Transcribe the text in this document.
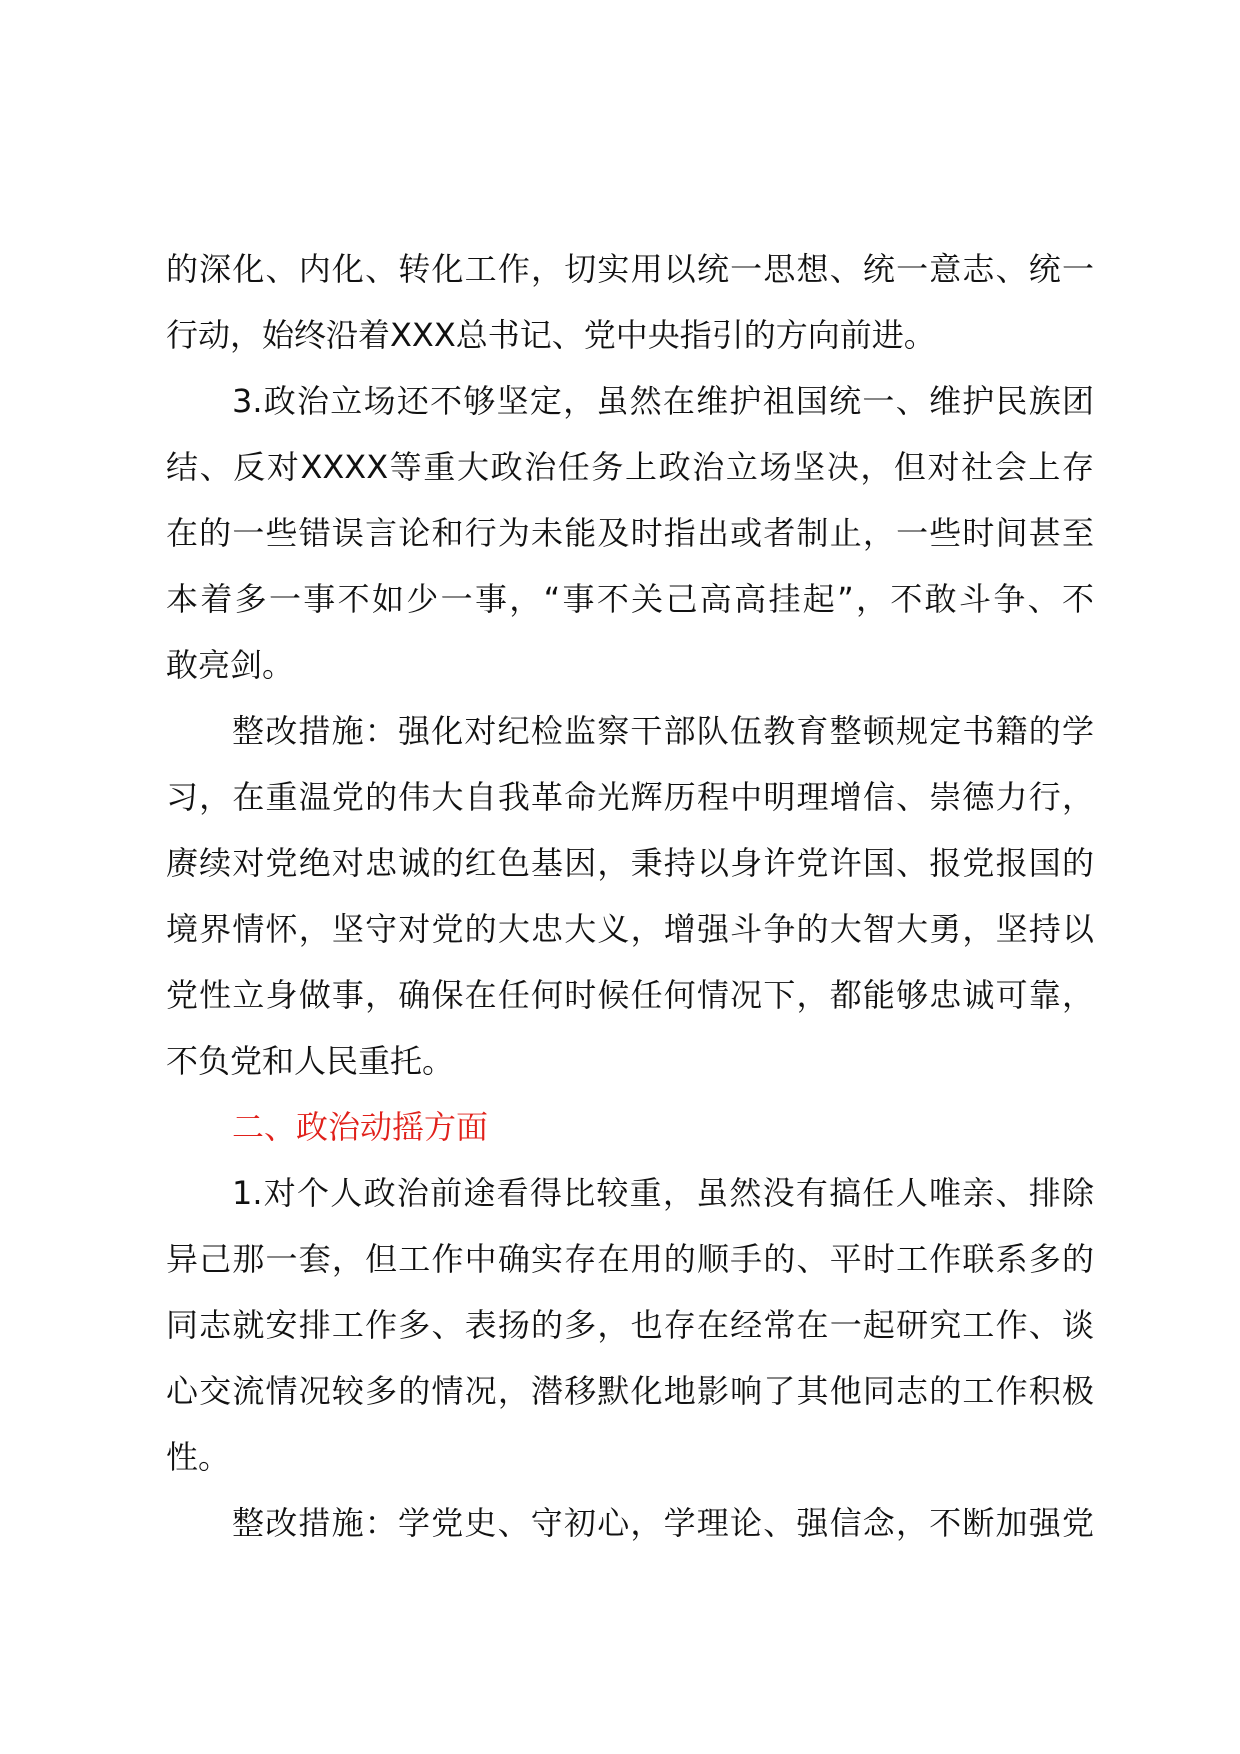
的深化、内化、转化工作，切实用以统一思想、统一意志、统一
行动，始终沿着XXX总书记、党中央指引的方向前进。
3.政治立场还不够坚定，虽然在维护祖国统一、维护民族团
结、反对XXXX等重大政治任务上政治立场坚决，但对社会上存
在的一些错误言论和行为未能及时指出或者制止，一些时间甚至
本着多一事不如少一事，“事不关己高高挂起”，不敢斗争、不
敢亮剑。
整改措施：强化对纪检监察干部队伍教育整顿规定书籍的学
习，在重温党的伟大自我革命光辉历程中明理增信、崇德力行，
赓续对党绝对忠诚的红色基因，秉持以身许党许国、报党报国的
境界情怀，坚守对党的大忠大义，增强斗争的大智大勇，坚持以
党性立身做事，确保在任何时候任何情况下，都能够忠诚可靠，
不负党和人民重托。
二、政治动摇方面
1.对个人政治前途看得比较重，虽然没有搞任人唯亲、排除
异己那一套，但工作中确实存在用的顺手的、平时工作联系多的
同志就安排工作多、表扬的多，也存在经常在一起研究工作、谈
心交流情况较多的情况，潜移默化地影响了其他同志的工作积极
性。
整改措施：学党史、守初心，学理论、强信念，不断加强党
